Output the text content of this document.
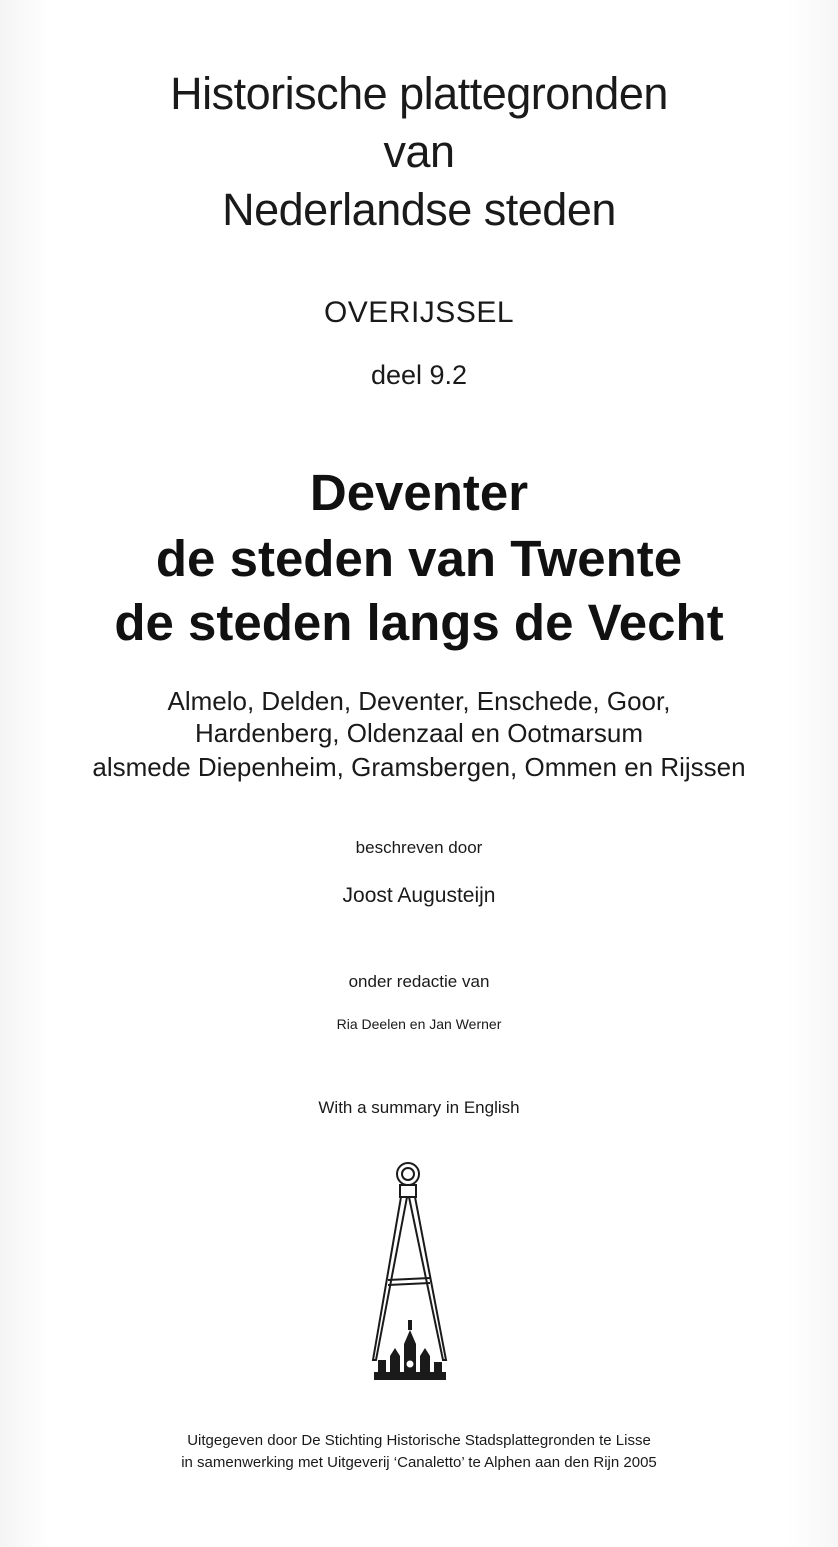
Historische plattegronden
van
Nederlandse steden
OVERIJSSEL
deel 9.2
Deventer
de steden van Twente
de steden langs de Vecht
Almelo, Delden, Deventer, Enschede, Goor,
Hardenberg, Oldenzaal en Ootmarsum
alsmede Diepenheim, Gramsbergen, Ommen en Rijssen
beschreven door
Joost Augusteijn
onder redactie van
Ria Deelen en Jan Werner
With a summary in English
Uitgegeven door De Stichting Historische Stadsplattegronden te Lisse
in samenwerking met Uitgeverij ‘Canaletto’ te Alphen aan den Rijn 2005
